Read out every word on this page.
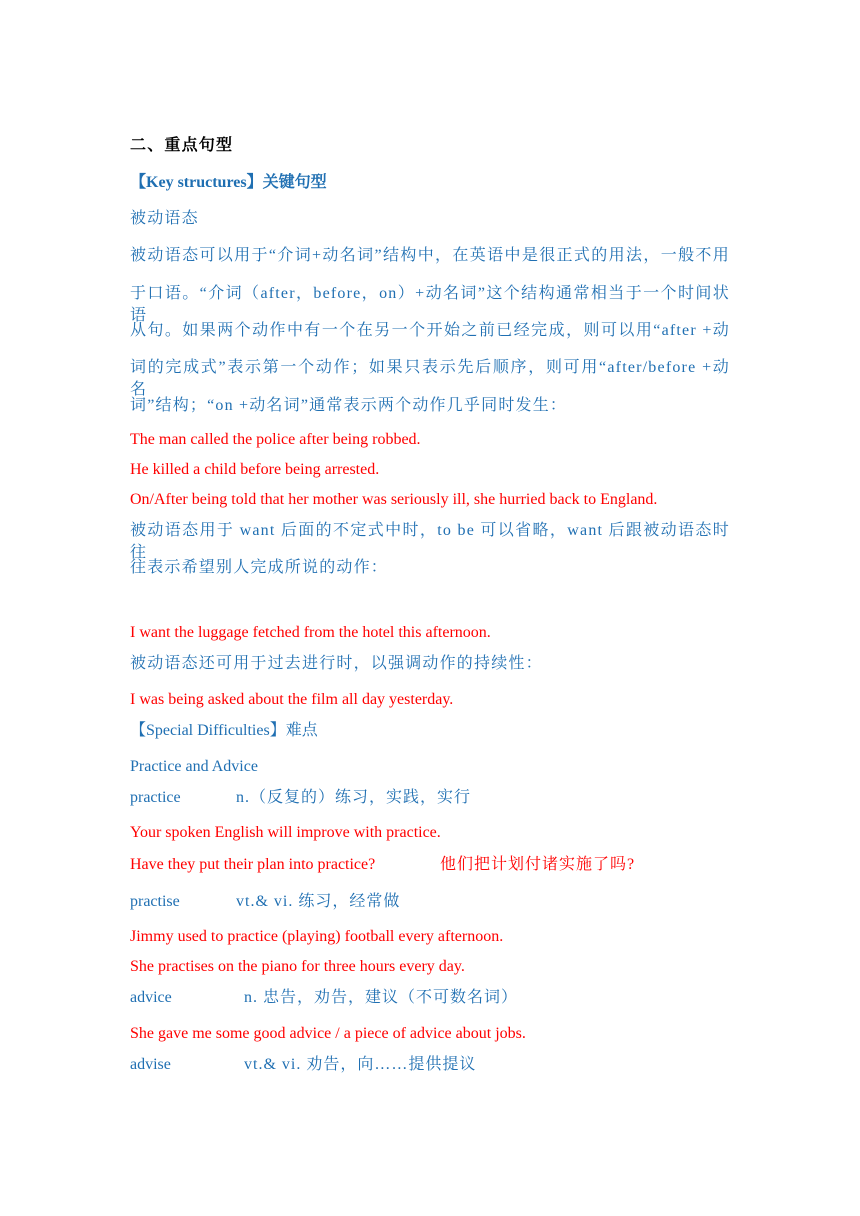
二、重点句型
【Key structures】关键句型
被动语态
被动语态可以用于“介词+动名词”结构中，在英语中是很正式的用法，一般不用
于口语。“介词（after，before，on）+动名词”这个结构通常相当于一个时间状语
从句。如果两个动作中有一个在另一个开始之前已经完成，则可以用“after +动
词的完成式”表示第一个动作；如果只表示先后顺序，则可用“after/before +动名
词”结构；“on +动名词”通常表示两个动作几乎同时发生：
The man called the police after being robbed.
He killed a child before being arrested.
On/After being told that her mother was seriously ill, she hurried back to England.
被动语态用于 want 后面的不定式中时，to be 可以省略，want 后跟被动语态时往
往表示希望别人完成所说的动作：
I want the luggage fetched from the hotel this afternoon.
被动语态还可用于过去进行时，以强调动作的持续性：
I was being asked about the film all day yesterday.
【Special Difficulties】难点
Practice and Advice
practice	n.（反复的）练习，实践，实行
Your spoken English will improve with practice.
Have they put their plan into practice?	他们把计划付诸实施了吗?
practise	vt.& vi. 练习，经常做
Jimmy used to practice (playing) football every afternoon.
She practises on the piano for three hours every day.
advice	n. 忠告，劝告，建议（不可数名词）
She gave me some good advice / a piece of advice about jobs.
advise	vt.& vi. 劝告，向……提供提议
